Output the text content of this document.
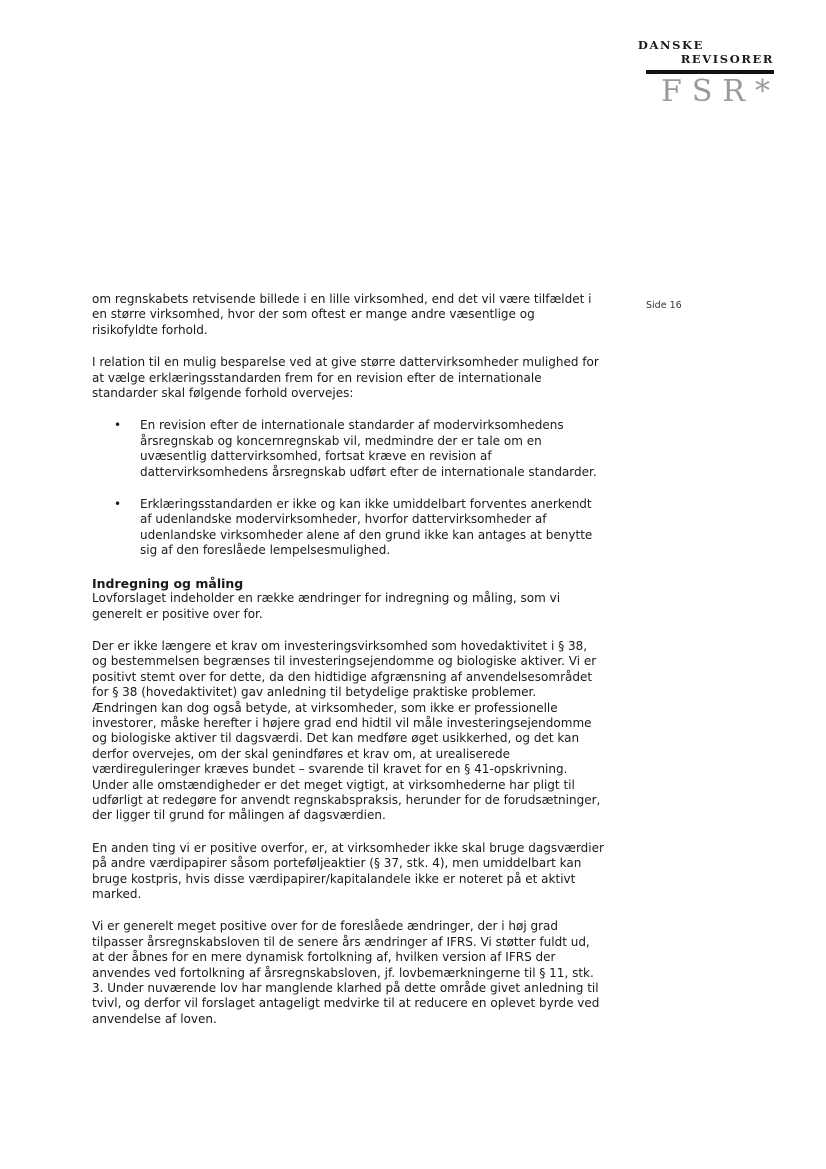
DANSKE
REVISORER
FSR*
Side 16

om regnskabets retvisende billede i en lille virksomhed, end det vil være tilfældet i en større virksomhed, hvor der som oftest er mange andre væsentlige og risikofyldte forhold.

I relation til en mulig besparelse ved at give større dattervirksomheder mulighed for at vælge erklæringsstandarden frem for en revision efter de internationale standarder skal følgende forhold overvejes:

• En revision efter de internationale standarder af modervirksomhedens årsregnskab og koncernregnskab vil, medmindre der er tale om en uvæsentlig dattervirksomhed, fortsat kræve en revision af dattervirksomhedens årsregnskab udført efter de internationale standarder.
• Erklæringsstandarden er ikke og kan ikke umiddelbart forventes anerkendt af udenlandske modervirksomheder, hvorfor dattervirksomheder af udenlandske virksomheder alene af den grund ikke kan antages at benytte sig af den foreslåede lempelsesmulighed.
Indregning og måling

Lovforslaget indeholder en række ændringer for indregning og måling, som vi generelt er positive over for.

Der er ikke længere et krav om investeringsvirksomhed som hovedaktivitet i § 38, og bestemmelsen begrænses til investeringsejendomme og biologiske aktiver. Vi er positivt stemt over for dette, da den hidtidige afgrænsning af anvendelsesområdet for § 38 (hovedaktivitet) gav anledning til betydelige praktiske problemer. Ændringen kan dog også betyde, at virksomheder, som ikke er professionelle investorer, måske herefter i højere grad end hidtil vil måle investeringsejendomme og biologiske aktiver til dagsværdi. Det kan medføre øget usikkerhed, og det kan derfor overvejes, om der skal genindføres et krav om, at urealiserede værdireguleringer kræves bundet – svarende til kravet for en § 41-opskrivning. Under alle omstændigheder er det meget vigtigt, at virksomhederne har pligt til udførligt at redegøre for anvendt regnskabspraksis, herunder for de forudsætninger, der ligger til grund for målingen af dagsværdien.

En anden ting vi er positive overfor, er, at virksomheder ikke skal bruge dagsværdier på andre værdipapirer såsom porteføljeaktier (§ 37, stk. 4), men umiddelbart kan bruge kostpris, hvis disse værdipapirer/kapitalandele ikke er noteret på et aktivt marked.

Vi er generelt meget positive over for de foreslåede ændringer, der i høj grad tilpasser årsregnskabsloven til de senere års ændringer af IFRS. Vi støtter fuldt ud, at der åbnes for en mere dynamisk fortolkning af, hvilken version af IFRS der anvendes ved fortolkning af årsregnskabsloven, jf. lovbemærkningerne til § 11, stk. 3. Under nuværende lov har manglende klarhed på dette område givet anledning til tvivl, og derfor vil forslaget antageligt medvirke til at reducere en oplevet byrde ved anvendelse af loven.
